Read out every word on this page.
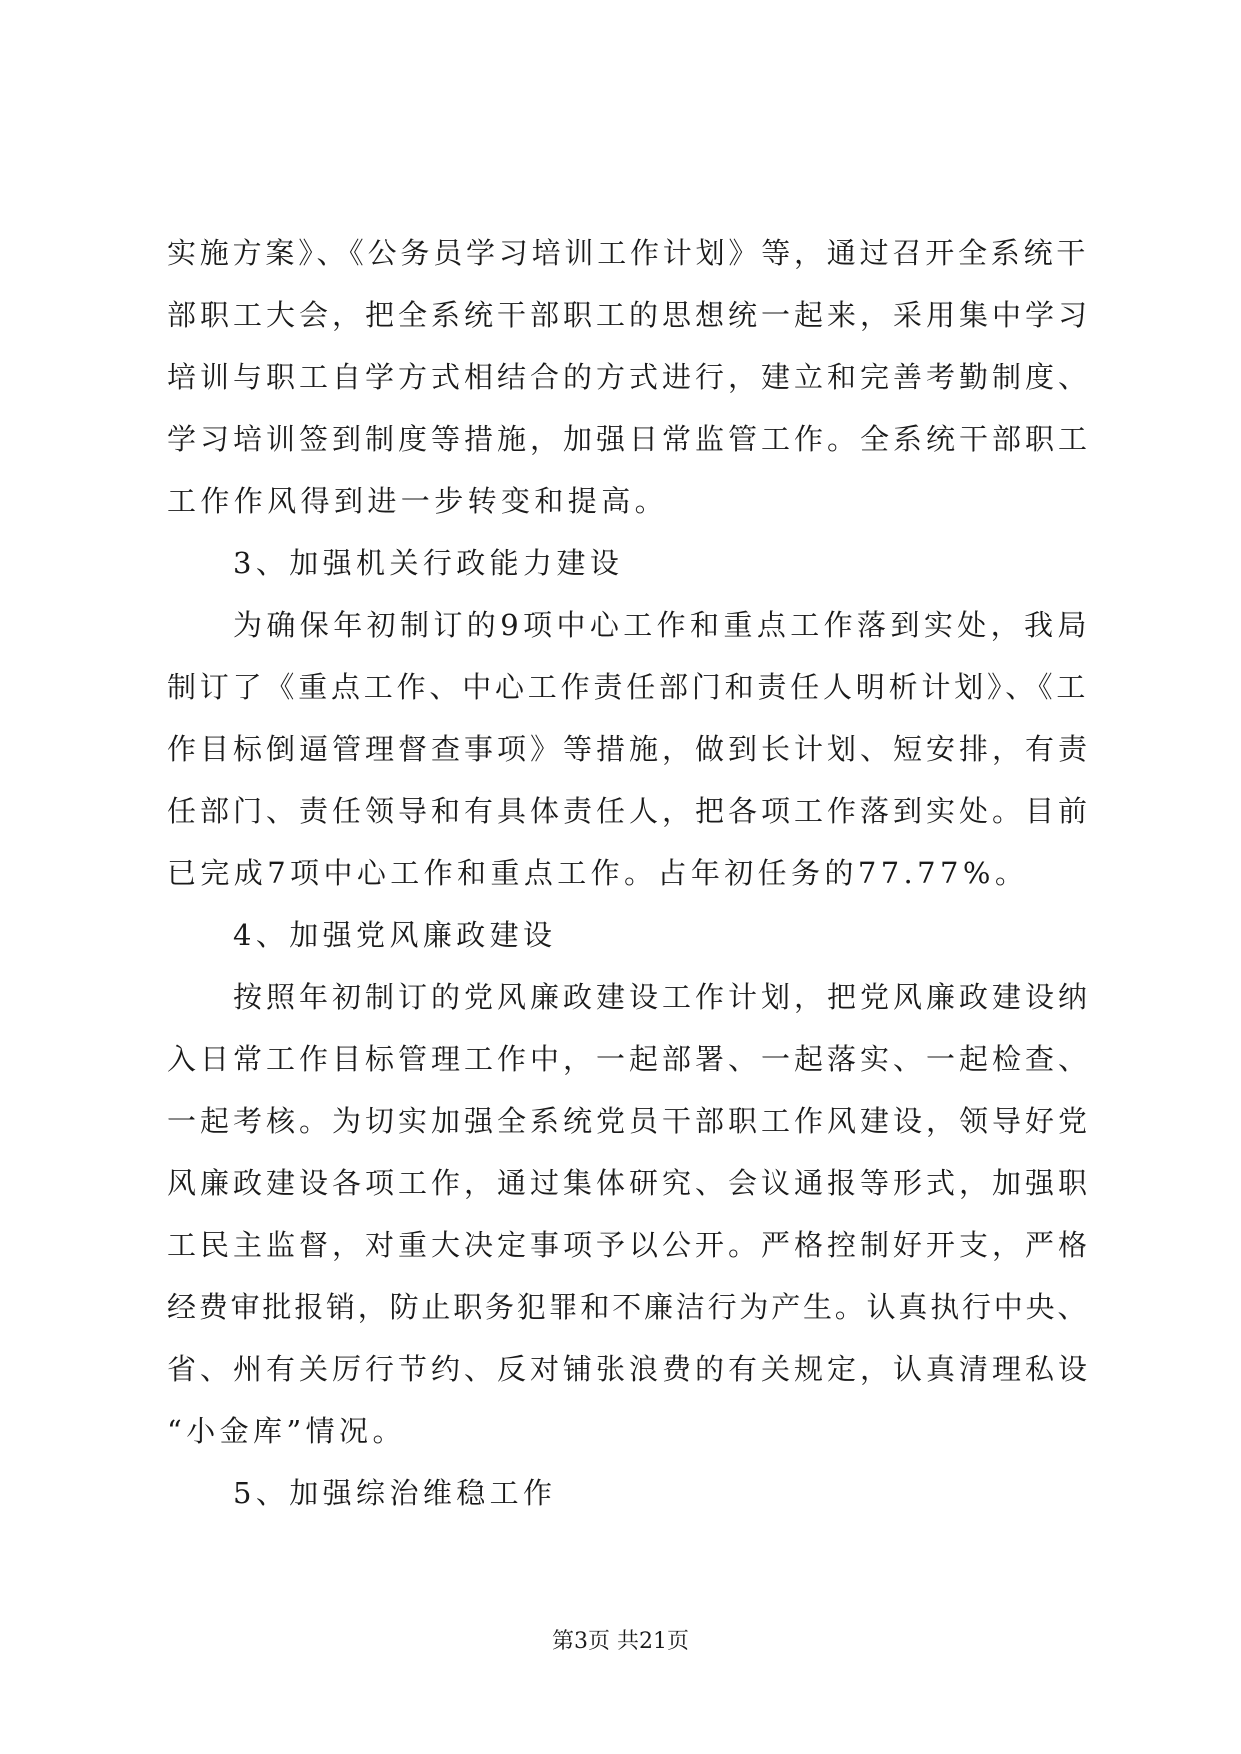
实施方案》、《公务员学习培训工作计划》等，通过召开全系统干
部职工大会，把全系统干部职工的思想统一起来，采用集中学习
培训与职工自学方式相结合的方式进行，建立和完善考勤制度、
学习培训签到制度等措施，加强日常监管工作。全系统干部职工
工作作风得到进一步转变和提高。
3、加强机关行政能力建设
为确保年初制订的9项中心工作和重点工作落到实处，我局
制订了《重点工作、中心工作责任部门和责任人明析计划》、《工
作目标倒逼管理督查事项》等措施，做到长计划、短安排，有责
任部门、责任领导和有具体责任人，把各项工作落到实处。目前
已完成7项中心工作和重点工作。占年初任务的77.77%。
4、加强党风廉政建设
按照年初制订的党风廉政建设工作计划，把党风廉政建设纳
入日常工作目标管理工作中，一起部署、一起落实、一起检查、
一起考核。为切实加强全系统党员干部职工作风建设，领导好党
风廉政建设各项工作，通过集体研究、会议通报等形式，加强职
工民主监督，对重大决定事项予以公开。严格控制好开支，严格
经费审批报销，防止职务犯罪和不廉洁行为产生。认真执行中央、
省、州有关厉行节约、反对铺张浪费的有关规定，认真清理私设
“小金库”情况。
5、加强综治维稳工作
第3页 共21页
